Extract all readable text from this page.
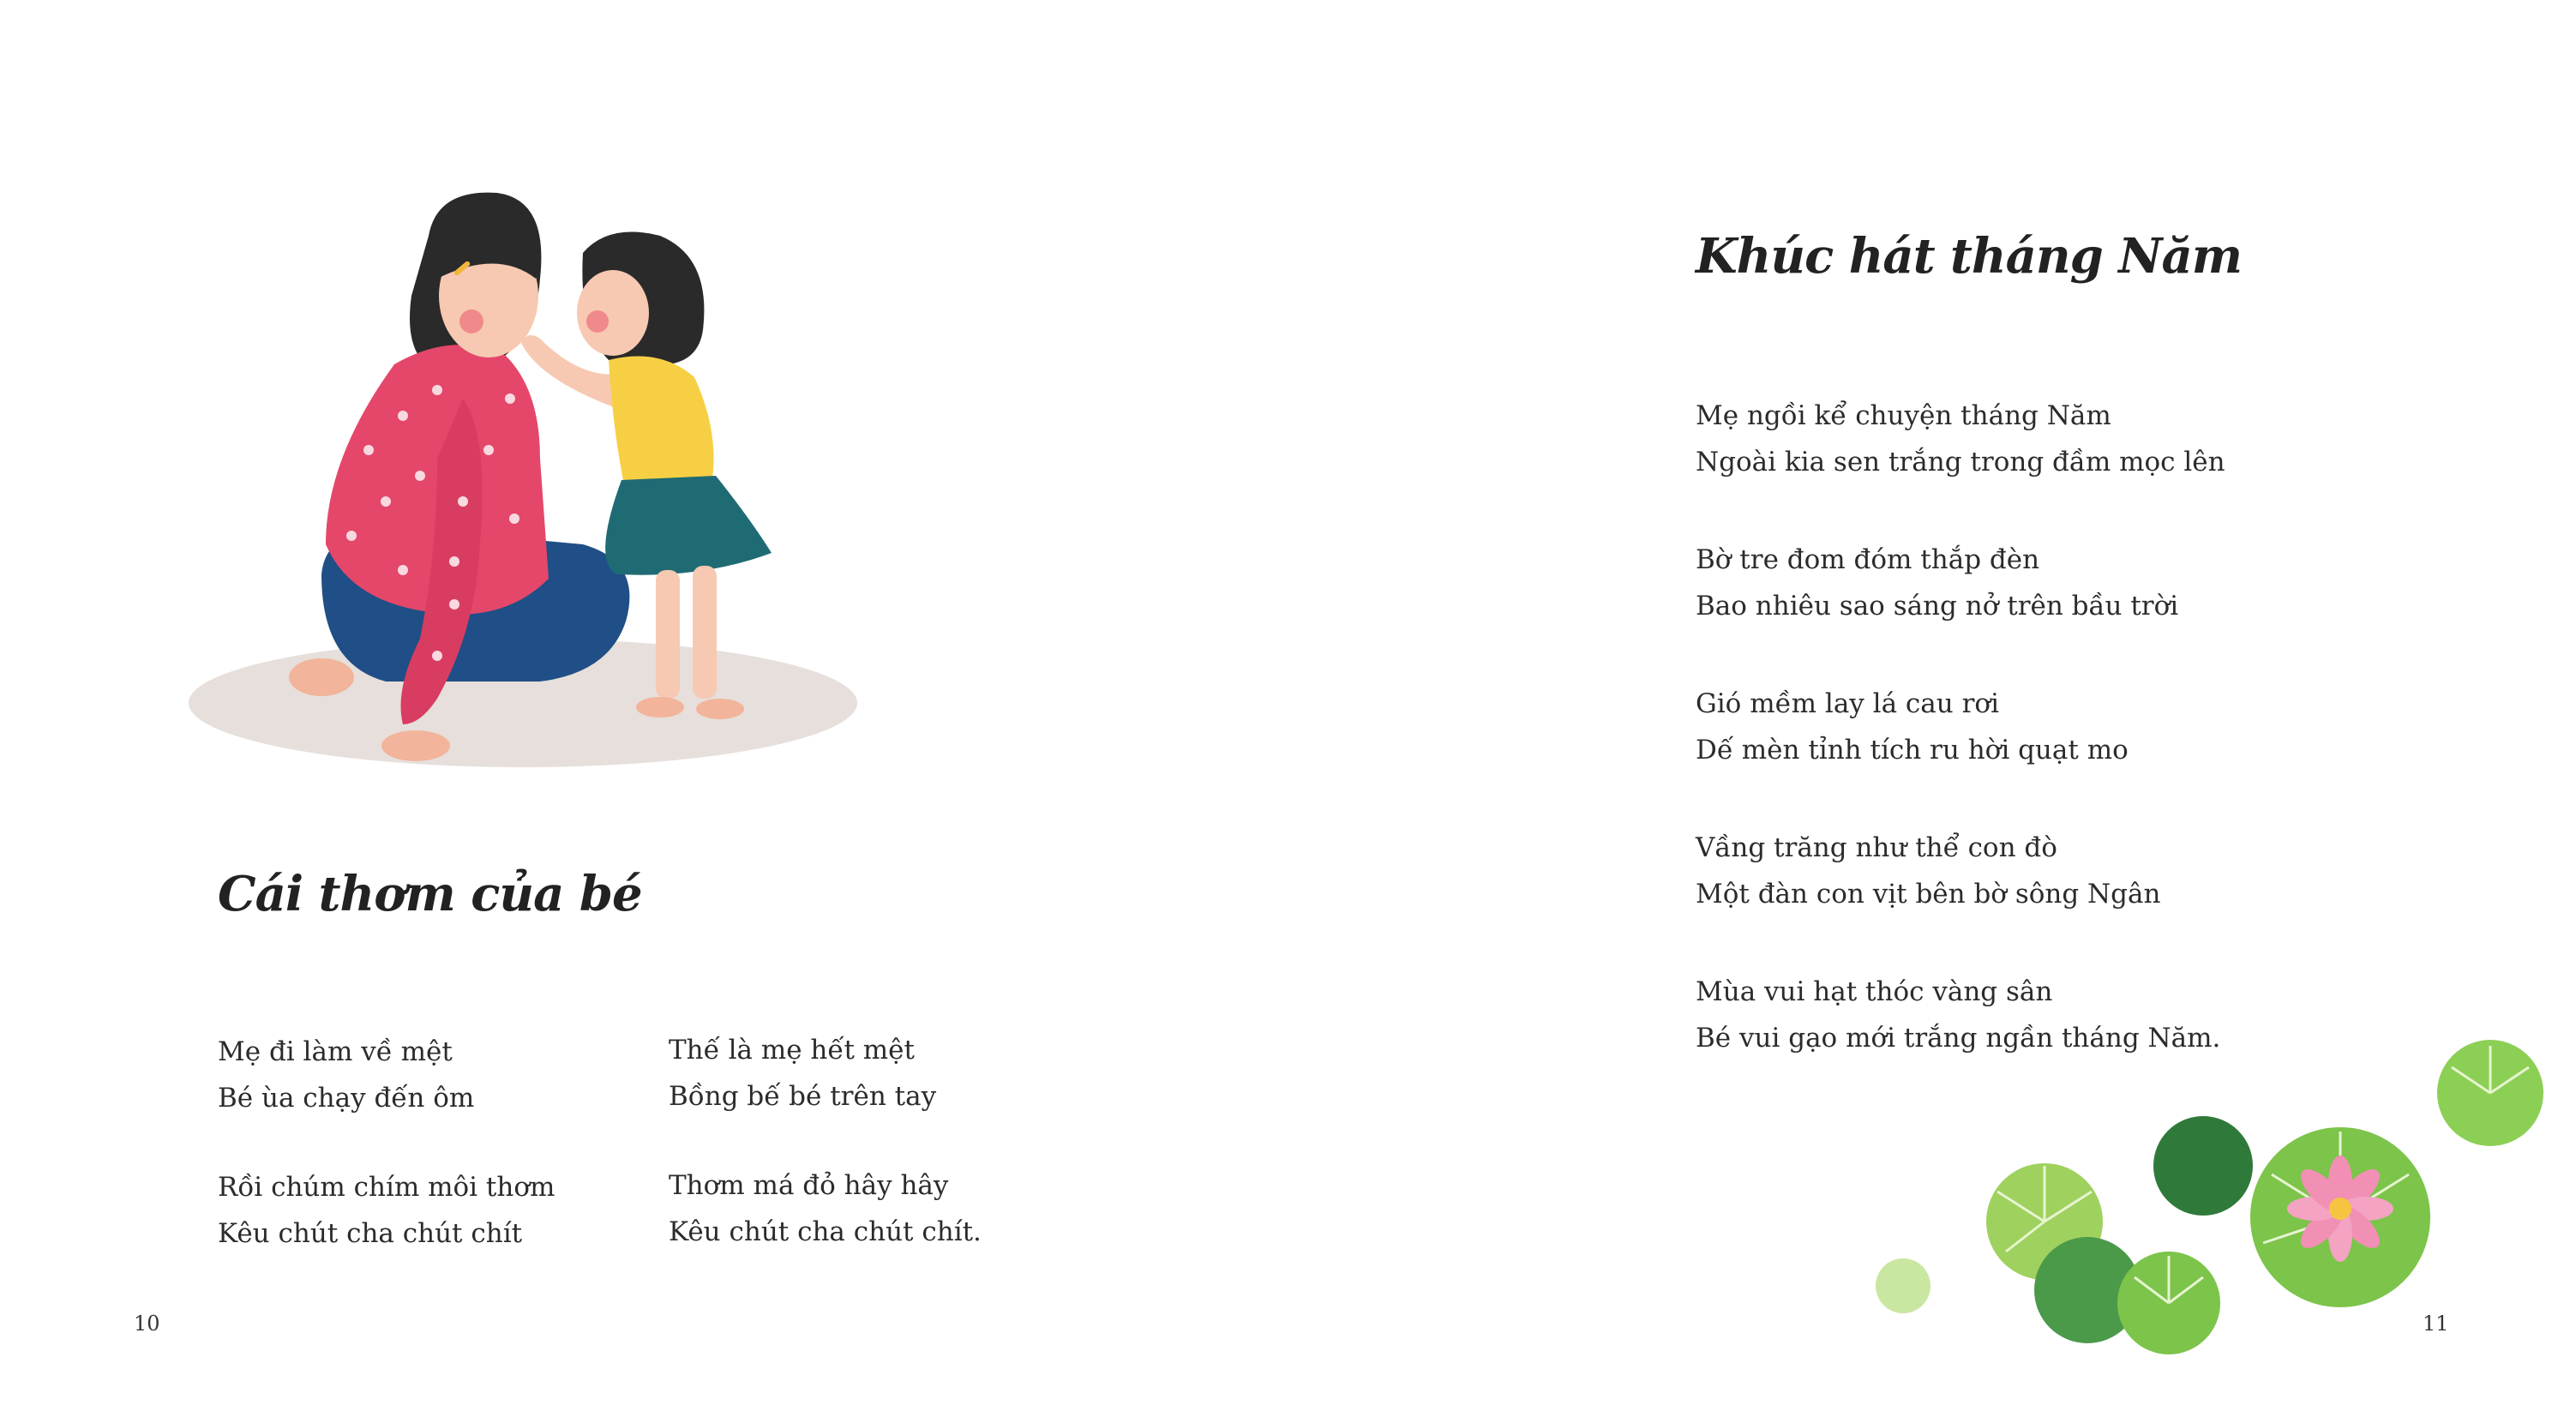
Cái thơm của bé
Mẹ đi làm về mệt
Bé ùa chạy đến ôm
Rồi chúm chím môi thơm
Kêu chút cha chút chít
Thế là mẹ hết mệt
Bồng bế bé trên tay
Thơm má đỏ hây hây
Kêu chút cha chút chít.
10
Khúc hát tháng Năm
Mẹ ngồi kể chuyện tháng Năm
Ngoài kia sen trắng trong đầm mọc lên
Bờ tre đom đóm thắp đèn
Bao nhiêu sao sáng nở trên bầu trời
Gió mềm lay lá cau rơi
Dế mèn tỉnh tích ru hời quạt mo
Vầng trăng như thể con đò
Một đàn con vịt bên bờ sông Ngân
Mùa vui hạt thóc vàng sân
Bé vui gạo mới trắng ngần tháng Năm.
11
